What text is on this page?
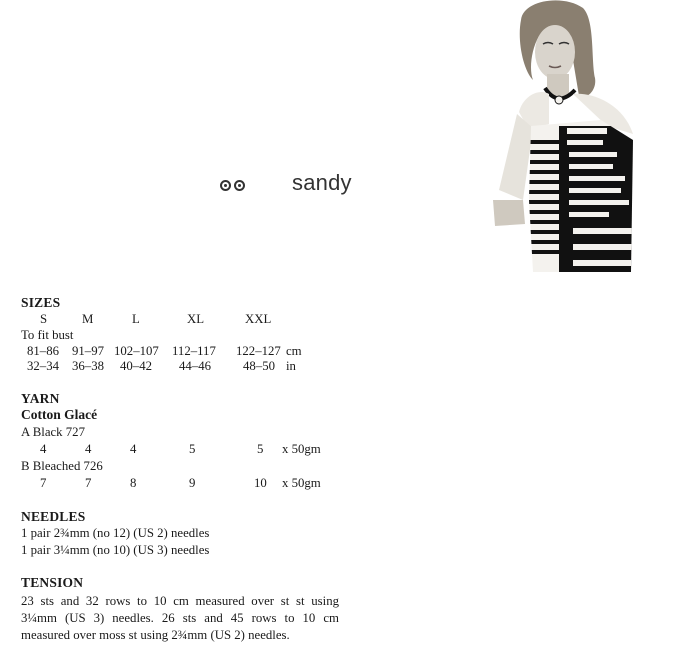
sandy
SIZES
S	M	L	XL	XXL
To fit bust
81–86 91–97 102–107 112–117 122–127 cm
32–34 36–38 40–42 44–46	48–50 in
YARN
Cotton Glacé
A Black 727
4	4	4	5	5 x 50gm
B Bleached 726
7	7	8	9	10 x 50gm
NEEDLES
1 pair 2¾mm (no 12) (US 2) needles
1 pair 3¼mm (no 10) (US 3) needles
TENSION
23 sts and 32 rows to 10 cm measured over st st using
3¼mm (US 3) needles. 26 sts and 45 rows to 10 cm
measured over moss st using 2¾mm (US 2) needles.
